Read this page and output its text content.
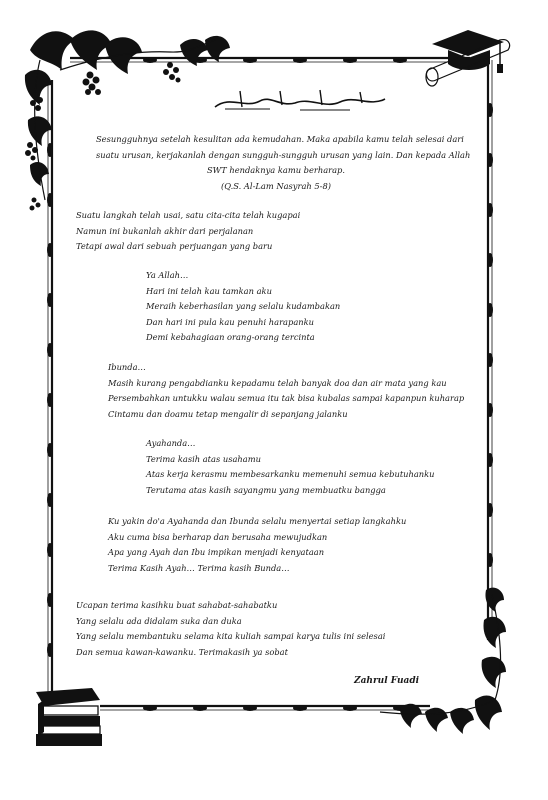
Sesungguhnya setelah kesulitan ada kemudahan. Maka apabila kamu telah selesai dari
suatu urusan, kerjakanlah dengan sungguh-sungguh urusan yang lain. Dan kepada Allah
SWT hendaknya kamu berharap.
(Q.S. Al-Lam Nasyrah 5-8)
Suatu langkah telah usai, satu cita-cita telah kugapai
Namun ini bukanlah akhir dari perjalanan
Tetapi awal dari sebuah perjuangan yang baru
Ya Allah…
Hari ini telah kau tamkan aku
Meraih keberhasilan yang selalu kudambakan
Dan hari ini pula kau penuhi harapanku
Demi kebahagiaan orang-orang tercinta
Ibunda…
Masih kurang pengabdianku kepadamu telah banyak doa dan air mata yang kau
Persembahkan untukku walau semua itu tak bisa kubalas sampai kapanpun kuharap
Cintamu dan doamu tetap mengalir di sepanjang jalanku
Ayahanda…
Terima kasih atas usahamu
Atas kerja kerasmu membesarkanku memenuhi semua kebutuhanku
Terutama atas kasih sayangmu yang membuatku bangga
Ku yakin do'a Ayahanda dan Ibunda selalu menyertai setiap langkahku
Aku cuma bisa berharap dan berusaha mewujudkan
Apa yang Ayah dan Ibu impikan menjadi kenyataan
Terima Kasih Ayah… Terima kasih Bunda…
Ucapan terima kasihku buat sahabat-sahabatku
Yang selalu ada didalam suka dan duka
Yang selalu membantuku selama kita kuliah sampai karya tulis ini selesai
Dan semua kawan-kawanku. Terimakasih ya sobat
Zahrul Fuadi
